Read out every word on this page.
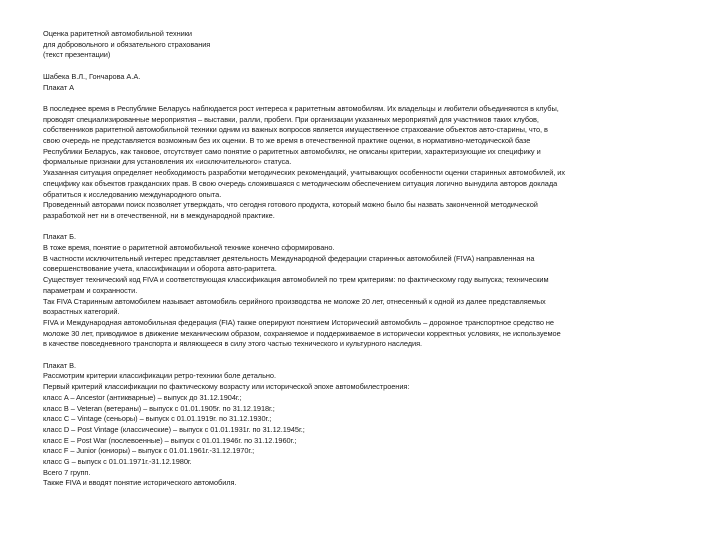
Оценка раритетной автомобильной техники
для добровольного и обязательного страхования
(текст презентации)
Шабека В.Л., Гончарова А.А.
Плакат А
В последнее время в Республике Беларусь наблюдается рост интереса к раритетным автомобилям. Их владельцы и любители объединяются в клубы,
проводят специализированные мероприятия – выставки, ралли, пробеги. При организации указанных мероприятий для участников таких клубов,
собственников раритетной автомобильной техники одним из важных вопросов является имущественное страхование объектов авто-старины, что, в
свою очередь не представляется возможным без их оценки. В то же время в отечественной практике оценки, в нормативно-методической базе
Республики Беларусь, как таковое, отсутствует само понятие о раритетных автомобилях, не описаны критерии, характеризующие их специфику и
формальные признаки для установления их «исключительного» статуса.
Указанная ситуация определяет необходимость разработки методических рекомендаций, учитывающих особенности оценки старинных автомобилей, их
специфику как объектов гражданских прав. В свою очередь сложившаяся с методическим обеспечением ситуация логично вынудила авторов доклада
обратиться к исследованию международного опыта.
Проведенный авторами поиск позволяет утверждать, что сегодня готового продукта, который можно было бы назвать законченной методической
разработкой нет ни в отечественной, ни в международной практике.
Плакат Б.
В тоже время, понятие о раритетной автомобильной технике конечно сформировано.
В частности исключительный интерес представляет деятельность Международной федерации старинных автомобилей (FIVA) направленная на
совершенствование учета, классификации и оборота авто-раритета.
Существует технический код FIVA и соответствующая классификация автомобилей по трем критериям: по фактическому году выпуска; техническим
параметрам и сохранности.
Так FIVA Старинным автомобилем называет автомобиль серийного производства не моложе 20 лет, отнесенный к одной из далее представляемых
возрастных категорий.
FIVA и Международная автомобильная федерация (FIA) также оперируют понятием Исторический автомобиль – дорожное транспортное средство не
моложе 30 лет, приводимое в движение механическим образом, сохраняемое и поддерживаемое в исторически корректных условиях, не используемое
в качестве повседневного транспорта и являющееся в силу этого частью технического и культурного наследия.
Плакат В.
Рассмотрим критерии классификации ретро-техники боле детально.
Первый критерий классификации по фактическому возрасту или исторической эпохе автомобилестроения:
класс A – Ancestor (антикварные) – выпуск до 31.12.1904г.;
класс B – Veteran (ветераны) – выпуск с 01.01.1905г. по 31.12.1918г.;
класс C – Vintage (сеньоры) – выпуск с 01.01.1919г. по 31.12.1930г.;
класс D – Post Vintage (классические) – выпуск с 01.01.1931г. по 31.12.1945г.;
класс E – Post War (послевоенные) – выпуск с 01.01.1946г. по 31.12.1960г.;
класс F – Junior (юниоры) – выпуск с 01.01.1961г.-31.12.1970г.;
класс G – выпуск с 01.01.1971г.-31.12.1980г.
Всего 7 групп.
Также FIVA и вводят понятие исторического автомобиля.
